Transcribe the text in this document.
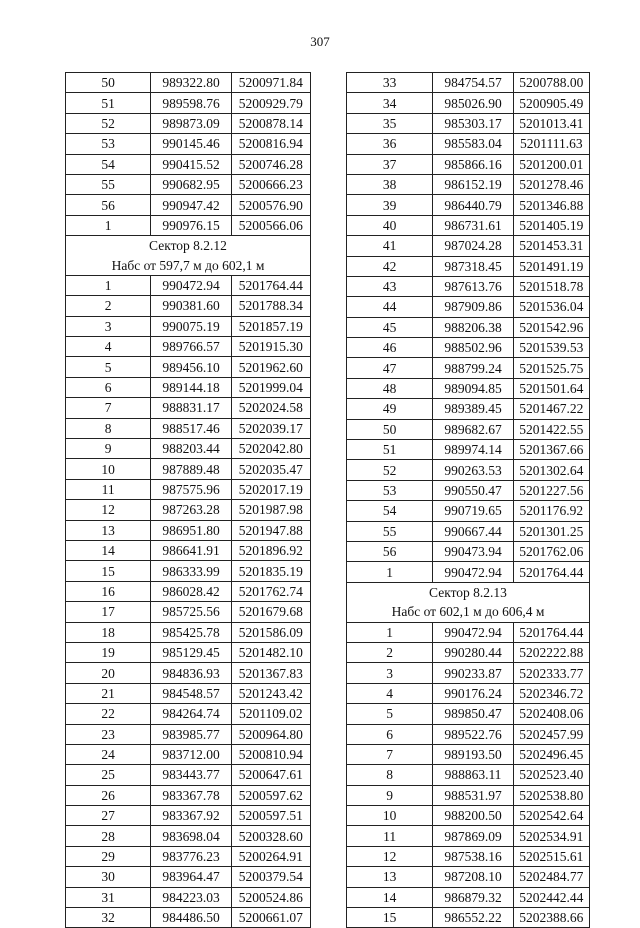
307
50	989322.80	5200971.84
51	989598.76	5200929.79
52	989873.09	5200878.14
53	990145.46	5200816.94
54	990415.52	5200746.28
55	990682.95	5200666.23
56	990947.42	5200576.90
1	990976.15	5200566.06
Сектор 8.2.12		
Набс от 597,7 м до 602,1 м		
1	990472.94	5201764.44
2	990381.60	5201788.34
3	990075.19	5201857.19
4	989766.57	5201915.30
5	989456.10	5201962.60
6	989144.18	5201999.04
7	988831.17	5202024.58
8	988517.46	5202039.17
9	988203.44	5202042.80
10	987889.48	5202035.47
11	987575.96	5202017.19
12	987263.28	5201987.98
13	986951.80	5201947.88
14	986641.91	5201896.92
15	986333.99	5201835.19
16	986028.42	5201762.74
17	985725.56	5201679.68
18	985425.78	5201586.09
19	985129.45	5201482.10
20	984836.93	5201367.83
21	984548.57	5201243.42
22	984264.74	5201109.02
23	983985.77	5200964.80
24	983712.00	5200810.94
25	983443.77	5200647.61
26	983367.78	5200597.62
27	983367.92	5200597.51
28	983698.04	5200328.60
29	983776.23	5200264.91
30	983964.47	5200379.54
31	984223.03	5200524.86
32	984486.50	5200661.07
33	984754.57	5200788.00
34	985026.90	5200905.49
35	985303.17	5201013.41
36	985583.04	5201111.63
37	985866.16	5201200.01
38	986152.19	5201278.46
39	986440.79	5201346.88
40	986731.61	5201405.19
41	987024.28	5201453.31
42	987318.45	5201491.19
43	987613.76	5201518.78
44	987909.86	5201536.04
45	988206.38	5201542.96
46	988502.96	5201539.53
47	988799.24	5201525.75
48	989094.85	5201501.64
49	989389.45	5201467.22
50	989682.67	5201422.55
51	989974.14	5201367.66
52	990263.53	5201302.64
53	990550.47	5201227.56
54	990719.65	5201176.92
55	990667.44	5201301.25
56	990473.94	5201762.06
1	990472.94	5201764.44
Сектор 8.2.13		
Набс от 602,1 м до 606,4 м		
1	990472.94	5201764.44
2	990280.44	5202222.88
3	990233.87	5202333.77
4	990176.24	5202346.72
5	989850.47	5202408.06
6	989522.76	5202457.99
7	989193.50	5202496.45
8	988863.11	5202523.40
9	988531.97	5202538.80
10	988200.50	5202542.64
11	987869.09	5202534.91
12	987538.16	5202515.61
13	987208.10	5202484.77
14	986879.32	5202442.44
15	986552.22	5202388.66
